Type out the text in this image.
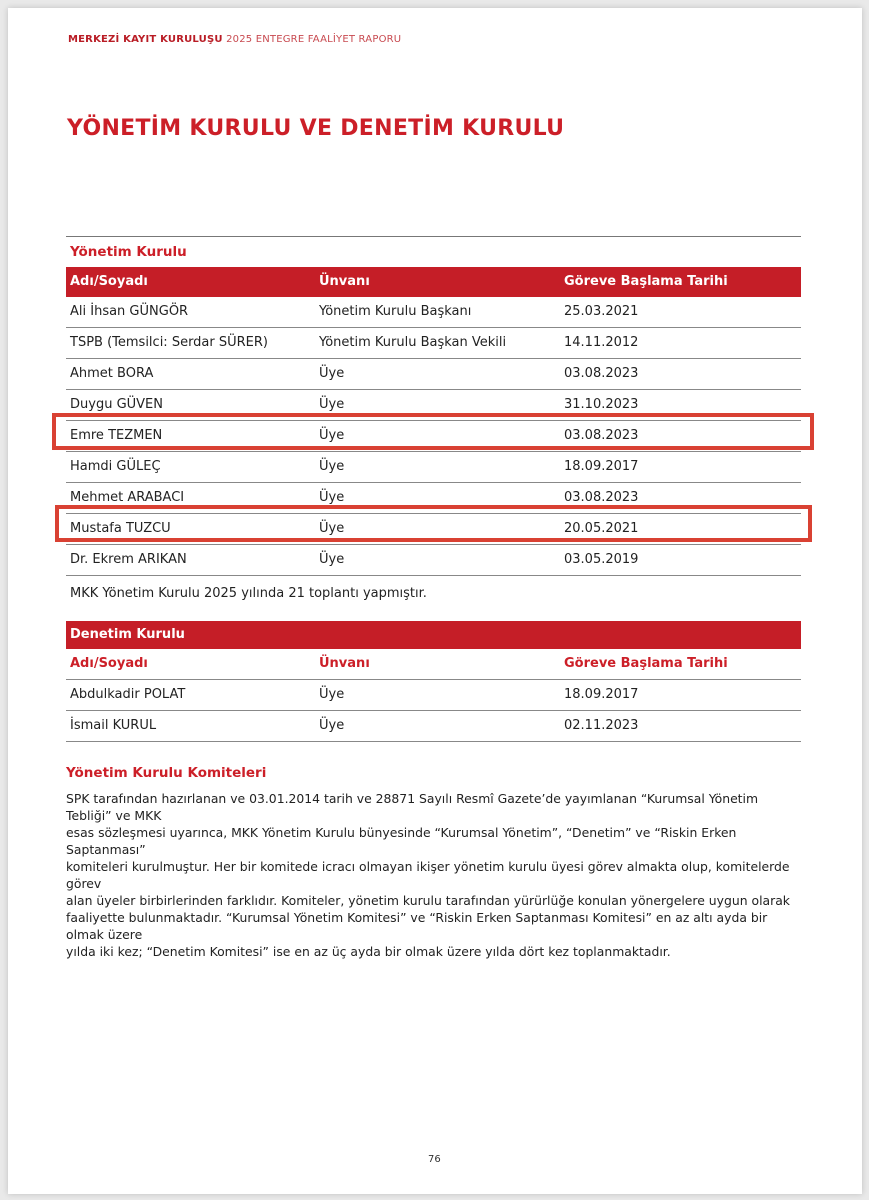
MERKEZİ KAYIT KURULUŞU 2025 ENTEGRE FAALİYET RAPORU
YÖNETİM KURULU VE DENETİM KURULU
Yönetim Kurulu
Adı/Soyadı	Ünvanı	Göreve Başlama Tarihi
Ali İhsan GÜNGÖR	Yönetim Kurulu Başkanı	25.03.2021
TSPB (Temsilci: Serdar SÜRER)	Yönetim Kurulu Başkan Vekili	14.11.2012
Ahmet BORA	Üye	03.08.2023
Duygu GÜVEN	Üye	31.10.2023
Emre TEZMEN	Üye	03.08.2023
Hamdi GÜLEÇ	Üye	18.09.2017
Mehmet ARABACI	Üye	03.08.2023
Mustafa TUZCU	Üye	20.05.2021
Dr. Ekrem ARIKAN	Üye	03.05.2019
MKK Yönetim Kurulu 2025 yılında 21 toplantı yapmıştır.
Denetim Kurulu
Adı/Soyadı	Ünvanı	Göreve Başlama Tarihi
Abdulkadir POLAT	Üye	18.09.2017
İsmail KURUL	Üye	02.11.2023
Yönetim Kurulu Komiteleri
SPK tarafından hazırlanan ve 03.01.2014 tarih ve 28871 Sayılı Resmî Gazete’de yayımlanan “Kurumsal Yönetim Tebliği” ve MKK
esas sözleşmesi uyarınca, MKK Yönetim Kurulu bünyesinde “Kurumsal Yönetim”, “Denetim” ve “Riskin Erken Saptanması”
komiteleri kurulmuştur. Her bir komitede icracı olmayan ikişer yönetim kurulu üyesi görev almakta olup, komitelerde görev
alan üyeler birbirlerinden farklıdır. Komiteler, yönetim kurulu tarafından yürürlüğe konulan yönergelere uygun olarak
faaliyette bulunmaktadır. “Kurumsal Yönetim Komitesi” ve “Riskin Erken Saptanması Komitesi” en az altı ayda bir olmak üzere
yılda iki kez; “Denetim Komitesi” ise en az üç ayda bir olmak üzere yılda dört kez toplanmaktadır.
76
